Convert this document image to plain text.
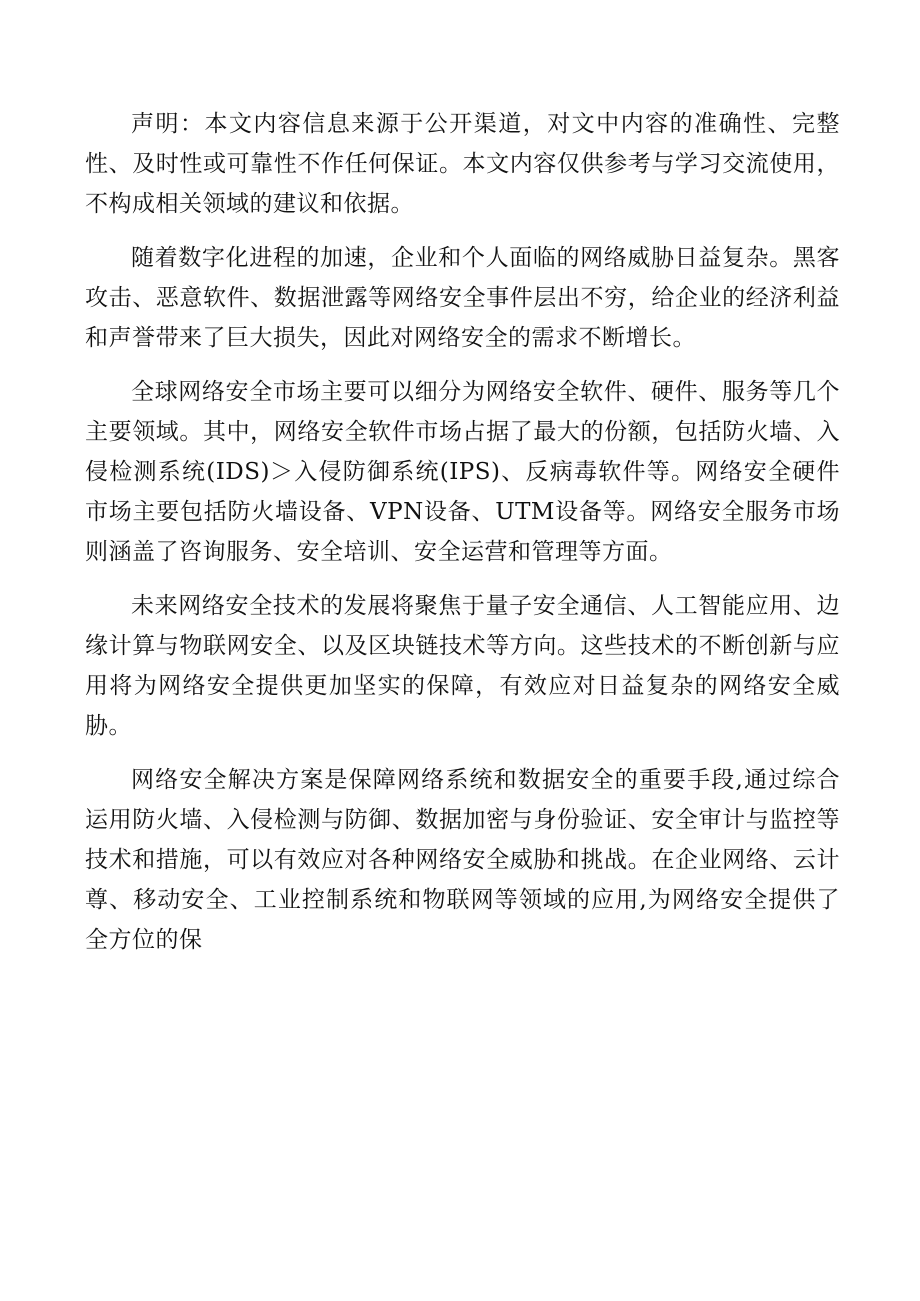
声明：本文内容信息来源于公开渠道，对文中内容的准确性、完整性、及时性或可靠性不作任何保证。本文内容仅供参考与学习交流使用，不构成相关领域的建议和依据。

随着数字化进程的加速，企业和个人面临的网络威胁日益复杂。黑客攻击、恶意软件、数据泄露等网络安全事件层出不穷，给企业的经济利益和声誉带来了巨大损失，因此对网络安全的需求不断增长。

全球网络安全市场主要可以细分为网络安全软件、硬件、服务等几个主要领域。其中，网络安全软件市场占据了最大的份额，包括防火墙、入侵检测系统(IDS)＞入侵防御系统(IPS)、反病毒软件等。网络安全硬件市场主要包括防火墙设备、VPN设备、UTM设备等。网络安全服务市场则涵盖了咨询服务、安全培训、安全运营和管理等方面。

未来网络安全技术的发展将聚焦于量子安全通信、人工智能应用、边缘计算与物联网安全、以及区块链技术等方向。这些技术的不断创新与应用将为网络安全提供更加坚实的保障，有效应对日益复杂的网络安全威胁。

网络安全解决方案是保障网络系统和数据安全的重要手段,通过综合运用防火墙、入侵检测与防御、数据加密与身份验证、安全审计与监控等技术和措施，可以有效应对各种网络安全威胁和挑战。在企业网络、云计尊、移动安全、工业控制系统和物联网等领域的应用,为网络安全提供了全方位的保
